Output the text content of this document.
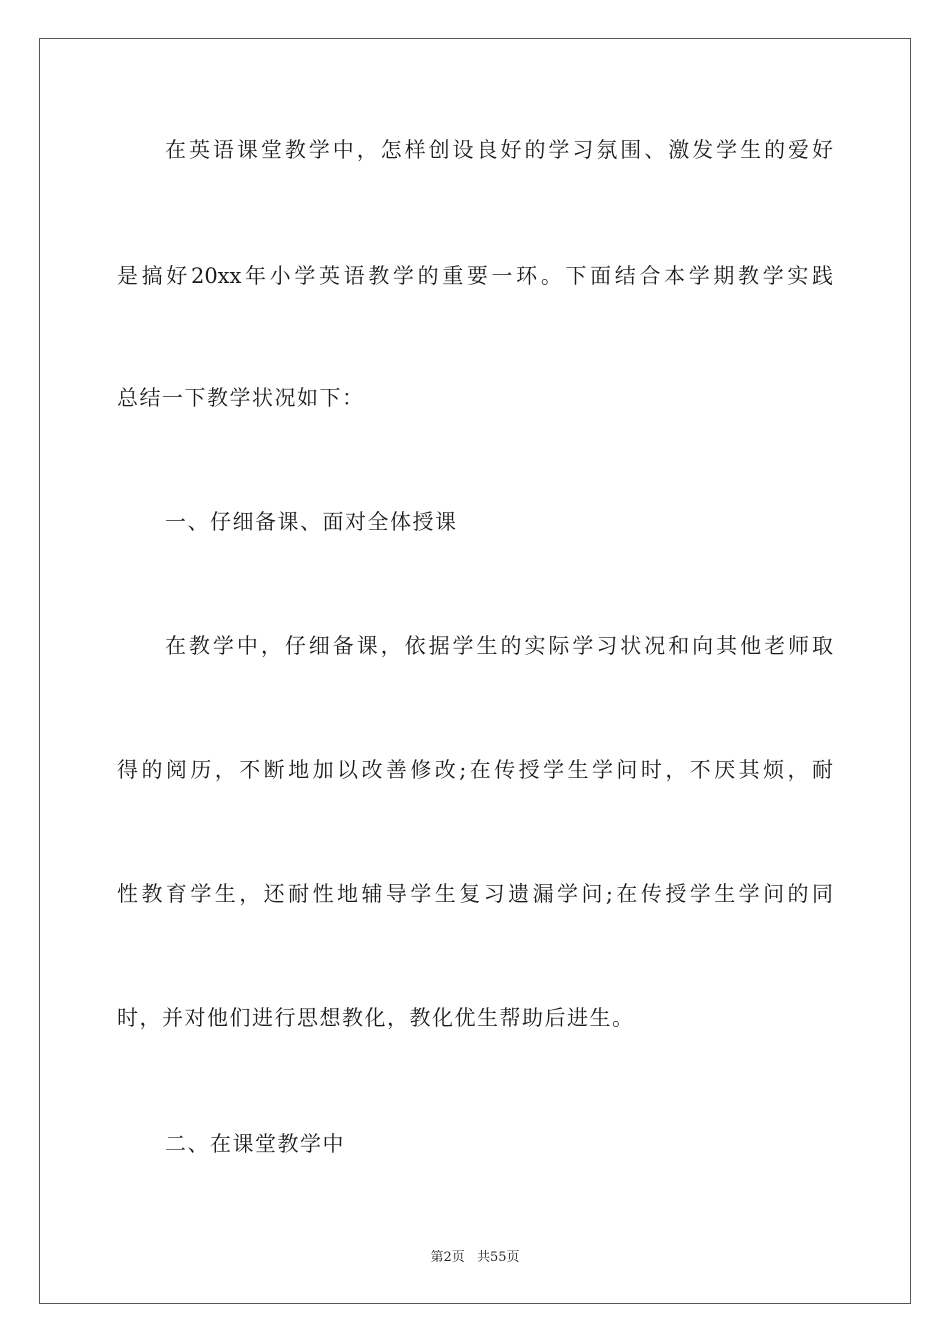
在英语课堂教学中，怎样创设良好的学习氛围、激发学生的爱好
是搞好20xx年小学英语教学的重要一环。下面结合本学期教学实践
总结一下教学状况如下：
一、仔细备课、面对全体授课
在教学中，仔细备课，依据学生的实际学习状况和向其他老师取
得的阅历，不断地加以改善修改;在传授学生学问时，不厌其烦，耐
性教育学生，还耐性地辅导学生复习遗漏学问;在传授学生学问的同
时，并对他们进行思想教化，教化优生帮助后进生。
二、在课堂教学中
第2页 共55页
